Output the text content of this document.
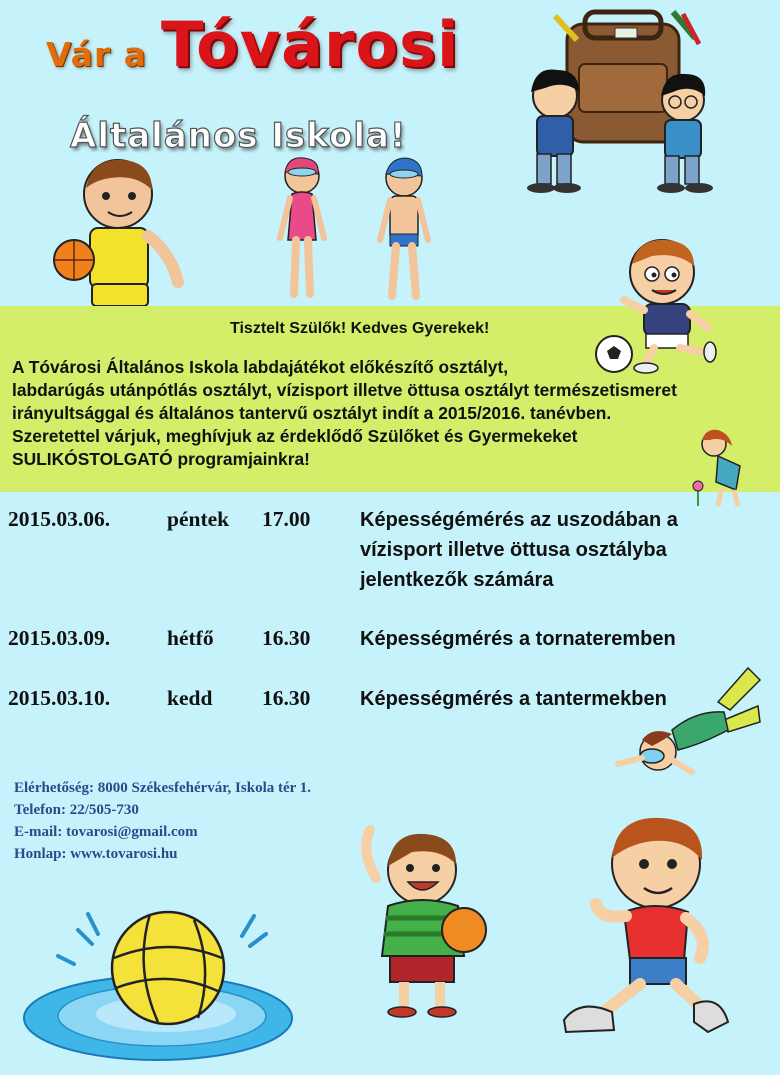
Vár a Tóvárosi
Általános Iskola!
Tisztelt Szülők! Kedves Gyerekek!
A Tóvárosi Általános Iskola labdajátékot előkészítő osztályt,
labdarúgás utánpótlás osztályt, vízisport illetve öttusa osztályt természetismeret
irányultsággal és általános tantervű osztályt indít a 2015/2016. tanévben.
Szeretettel várjuk, meghívjuk az érdeklődő Szülőket és Gyermekeket
SULIKÓSTOLGATÓ programjainkra!
2015.03.06.	péntek 17.00 Képességémérés az uszodában a
vízisport illetve öttusa osztályba
jelentkezők számára
2015.03.09.	hétfő 16.30 Képességmérés a tornateremben
2015.03.10.	kedd 16.30 Képességmérés a tantermekben
Elérhetőség: 8000 Székesfehérvár, Iskola tér 1.
Telefon: 22/505-730
E-mail: tovarosi@gmail.com
Honlap: www.tovarosi.hu
